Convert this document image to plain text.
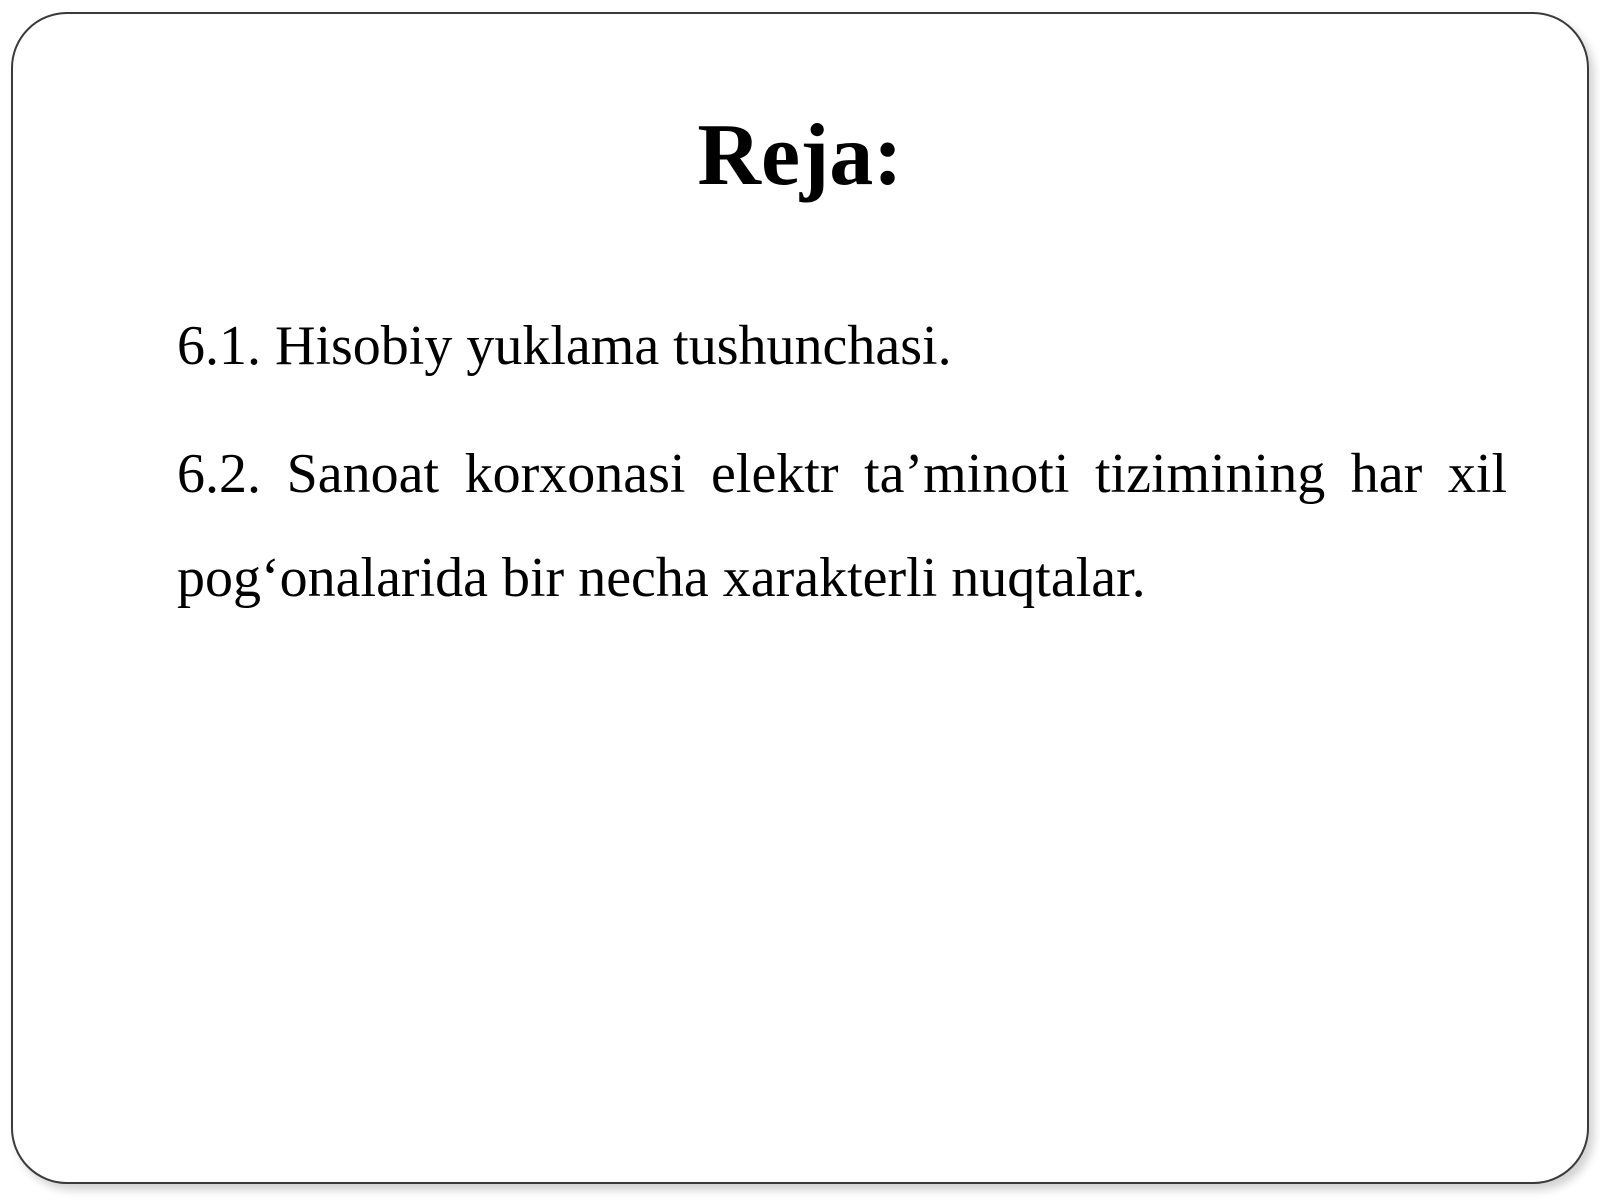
Reja:
6.1. Hisobiy yuklama tushunchasi.
6.2. Sanoat korxonasi elektr ta’minoti tizimining har xil pog‘onalarida bir necha xarakterli nuqtalar.
